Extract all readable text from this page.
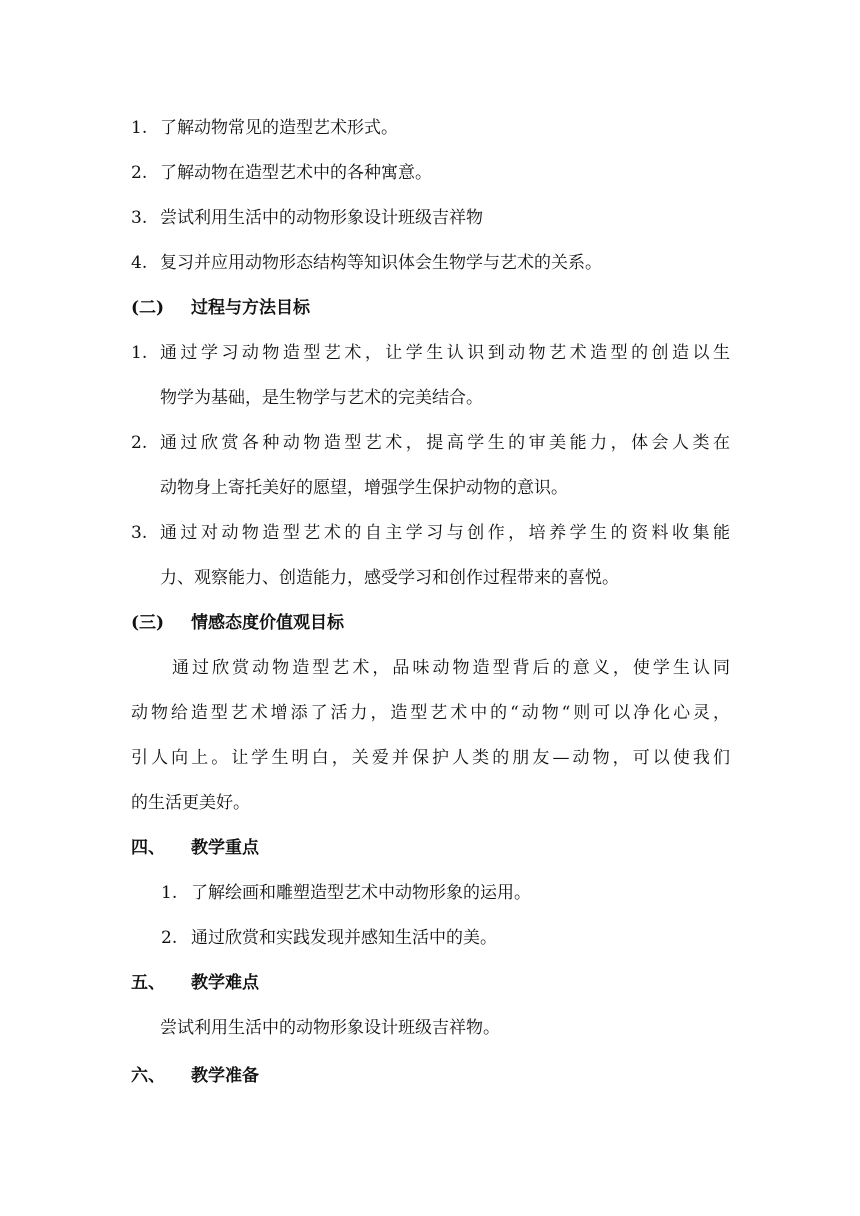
1. 了解动物常见的造型艺术形式。
2. 了解动物在造型艺术中的各种寓意。
3. 尝试利用生活中的动物形象设计班级吉祥物
4. 复习并应用动物形态结构等知识体会生物学与艺术的关系。
(二) 过程与方法目标
1. 通过学习动物造型艺术，让学生认识到动物艺术造型的创造以生
物学为基础，是生物学与艺术的完美结合。
2. 通过欣赏各种动物造型艺术，提高学生的审美能力，体会人类在
动物身上寄托美好的愿望，增强学生保护动物的意识。
3. 通过对动物造型艺术的自主学习与创作，培养学生的资料收集能
力、观察能力、创造能力，感受学习和创作过程带来的喜悦。
(三) 情感态度价值观目标
通过欣赏动物造型艺术，品味动物造型背后的意义，使学生认同
动物给造型艺术增添了活力，造型艺术中的“动物“则可以净化心灵，
引人向上。让学生明白，关爱并保护人类的朋友—动物，可以使我们
的生活更美好。
四、 教学重点
1. 了解绘画和雕塑造型艺术中动物形象的运用。
2. 通过欣赏和实践发现并感知生活中的美。
五、 教学难点
尝试利用生活中的动物形象设计班级吉祥物。
六、 教学准备
